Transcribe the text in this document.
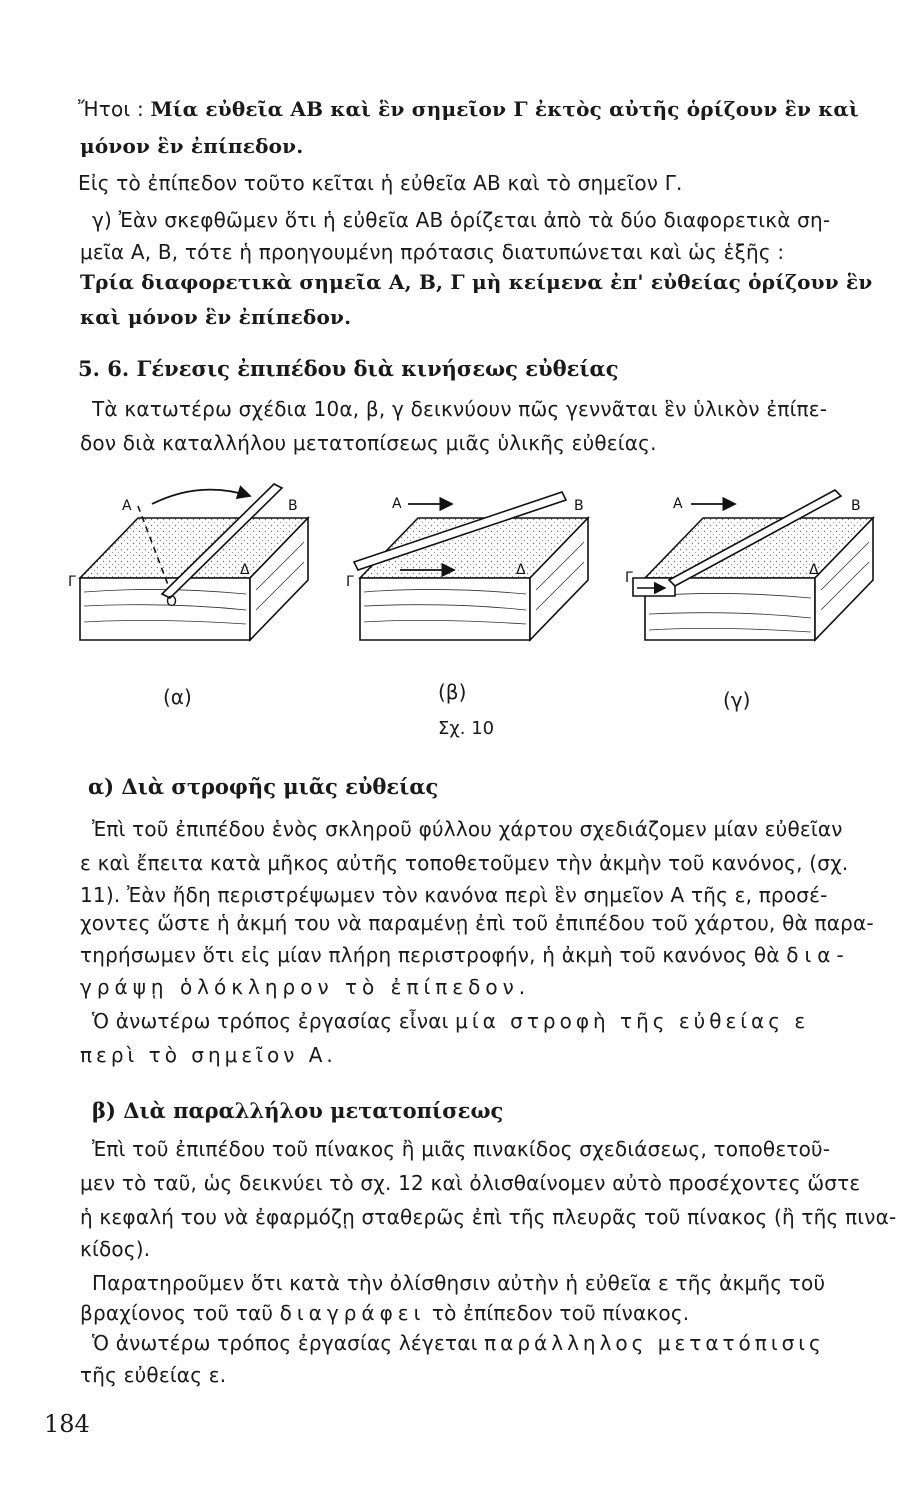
Ἤτοι : Μία εὐθεῖα ΑΒ καὶ ἓν σημεῖον Γ ἐκτὸς αὐτῆς ὁρίζουν ἓν καὶ
μόνον ἓν ἐπίπεδον.
Εἰς τὸ ἐπίπεδον τοῦτο κεῖται ἡ εὐθεῖα ΑΒ καὶ τὸ σημεῖον Γ.
γ) Ἐὰν σκεφθῶμεν ὅτι ἡ εὐθεῖα ΑΒ ὁρίζεται ἀπὸ τὰ δύο διαφορετικὰ ση-
μεῖα Α, Β, τότε ἡ προηγουμένη πρότασις διατυπώνεται καὶ ὡς ἑξῆς :
Τρία διαφορετικὰ σημεῖα Α, Β, Γ μὴ κείμενα ἐπ' εὐθείας ὁρίζουν ἓν
καὶ μόνον ἓν ἐπίπεδον.
5. 6. Γένεσις ἐπιπέδου διὰ κινήσεως εὐθείας
Τὰ κατωτέρω σχέδια 10α, β, γ δεικνύουν πῶς γεννᾶται ἓν ὑλικὸν ἐπίπε-
δον διὰ καταλλήλου μετατοπίσεως μιᾶς ὑλικῆς εὐθείας.
Α	Β
Γ
Δ
Ο
Α	Β
Γ
Δ
Α	Β
Γ	Δ
(α)	(β)	(γ)
Σχ. 10
α) Διὰ στροφῆς μιᾶς εὐθείας
Ἐπὶ τοῦ ἐπιπέδου ἑνὸς σκληροῦ φύλλου χάρτου σχεδιάζομεν μίαν εὐθεῖαν
ε καὶ ἔπειτα κατὰ μῆκος αὐτῆς τοποθετοῦμεν τὴν ἀκμὴν τοῦ κανόνος, (σχ.
11). Ἐὰν ἤδη περιστρέψωμεν τὸν κανόνα περὶ ἓν σημεῖον Α τῆς ε, προσέ-
χοντες ὥστε ἡ ἀκμή του νὰ παραμένῃ ἐπὶ τοῦ ἐπιπέδου τοῦ χάρτου, θὰ παρα-
τηρήσωμεν ὅτι εἰς μίαν πλήρη περιστροφήν, ἡ ἀκμὴ τοῦ κανόνος θὰ δια-
γράψῃ ὁλόκληρον τὸ ἐπίπεδον.
Ὁ ἀνωτέρω τρόπος ἐργασίας εἶναι μία στροφὴ τῆς εὐθείας ε
περὶ τὸ σημεῖον Α.
β) Διὰ παραλλήλου μετατοπίσεως
Ἐπὶ τοῦ ἐπιπέδου τοῦ πίνακος ἢ μιᾶς πινακίδος σχεδιάσεως, τοποθετοῦ-
μεν τὸ ταῦ, ὡς δεικνύει τὸ σχ. 12 καὶ ὀλισθαίνομεν αὐτὸ προσέχοντες ὥστε
ἡ κεφαλή του νὰ ἐφαρμόζῃ σταθερῶς ἐπὶ τῆς πλευρᾶς τοῦ πίνακος (ἢ τῆς πινα-
κίδος).
Παρατηροῦμεν ὅτι κατὰ τὴν ὀλίσθησιν αὐτὴν ἡ εὐθεῖα ε τῆς ἀκμῆς τοῦ
βραχίονος τοῦ ταῦ διαγράφει τὸ ἐπίπεδον τοῦ πίνακος.
Ὁ ἀνωτέρω τρόπος ἐργασίας λέγεται παράλληλος μετατόπισις
τῆς εὐθείας ε.
184
